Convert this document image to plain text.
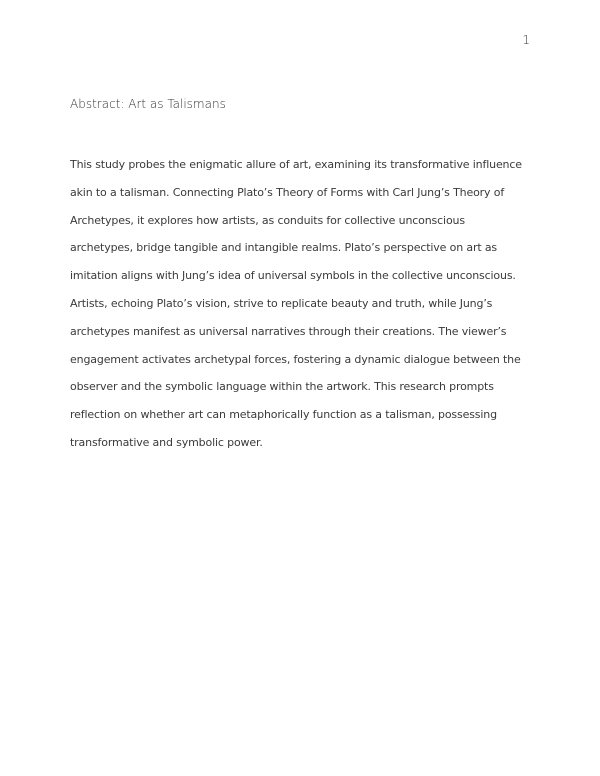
1
Abstract: Art as Talismans
This study probes the enigmatic allure of art, examining its transformative influence
akin to a talisman. Connecting Plato’s Theory of Forms with Carl Jung’s Theory of
Archetypes, it explores how artists, as conduits for collective unconscious
archetypes, bridge tangible and intangible realms. Plato’s perspective on art as
imitation aligns with Jung’s idea of universal symbols in the collective unconscious.
Artists, echoing Plato’s vision, strive to replicate beauty and truth, while Jung’s
archetypes manifest as universal narratives through their creations. The viewer’s
engagement activates archetypal forces, fostering a dynamic dialogue between the
observer and the symbolic language within the artwork. This research prompts
reflection on whether art can metaphorically function as a talisman, possessing
transformative and symbolic power.
